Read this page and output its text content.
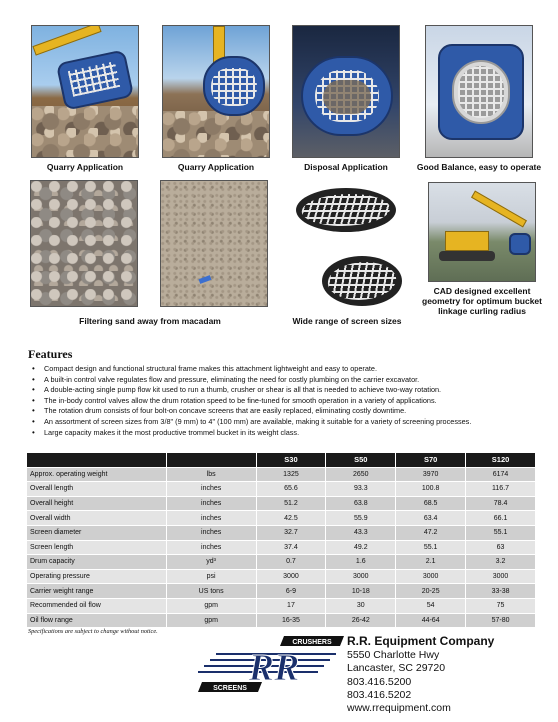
Quarry Application	Quarry Application	Disposal Application	Good Balance, easy to operate
Filtering sand away from macadam	Wide range of screen sizes
CAD designed excellent
geometry for optimum bucket
linkage curling radius
Features
• Compact design and functional structural frame makes this attachment lightweight and easy to operate.
• A built-in control valve regulates flow and pressure, eliminating the need for costly plumbing on the carrier excavator.
• A double-acting single pump flow kit used to run a thumb, crusher or shear is all that is needed to achieve two-way rotation.
• The in-body control valves allow the drum rotation speed to be fine-tuned for smooth operation in a variety of applications.
• The rotation drum consists of four bolt-on concave screens that are easily replaced, eliminating costly downtime.
• An assortment of screen sizes from 3/8" (9 mm) to 4" (100 mm) are available, making it suitable for a variety of screening processes.
• Large capacity makes it the most productive trommel bucket in its weight class.
		S30	S50	S70	S120
Approx. operating weight	lbs	1325	2650	3970	6174
Overall length	inches	65.6	93.3	100.8	116.7
Overall height	inches	51.2	63.8	68.5	78.4
Overall width	inches	42.5	55.9	63.4	66.1
Screen diameter	inches	32.7	43.3	47.2	55.1
Screen length	inches	37.4	49.2	55.1	63
Drum capacity	yd³	0.7	1.6	2.1	3.2
Operating pressure	psi	3000	3000	3000	3000
Carrier weight range	US tons	6-9	10-18	20-25	33-38
Recommended oil flow	gpm	17	30	54	75
Oil flow range	gpm	16-35	26-42	44-64	57-80
Specifications are subject to change without notice.
CRUSHERS
SCREENS RR
R.R. Equipment Company
5550 Charlotte Hwy
Lancaster, SC 29720
803.416.5200
803.416.5202
www.rrequipment.com
